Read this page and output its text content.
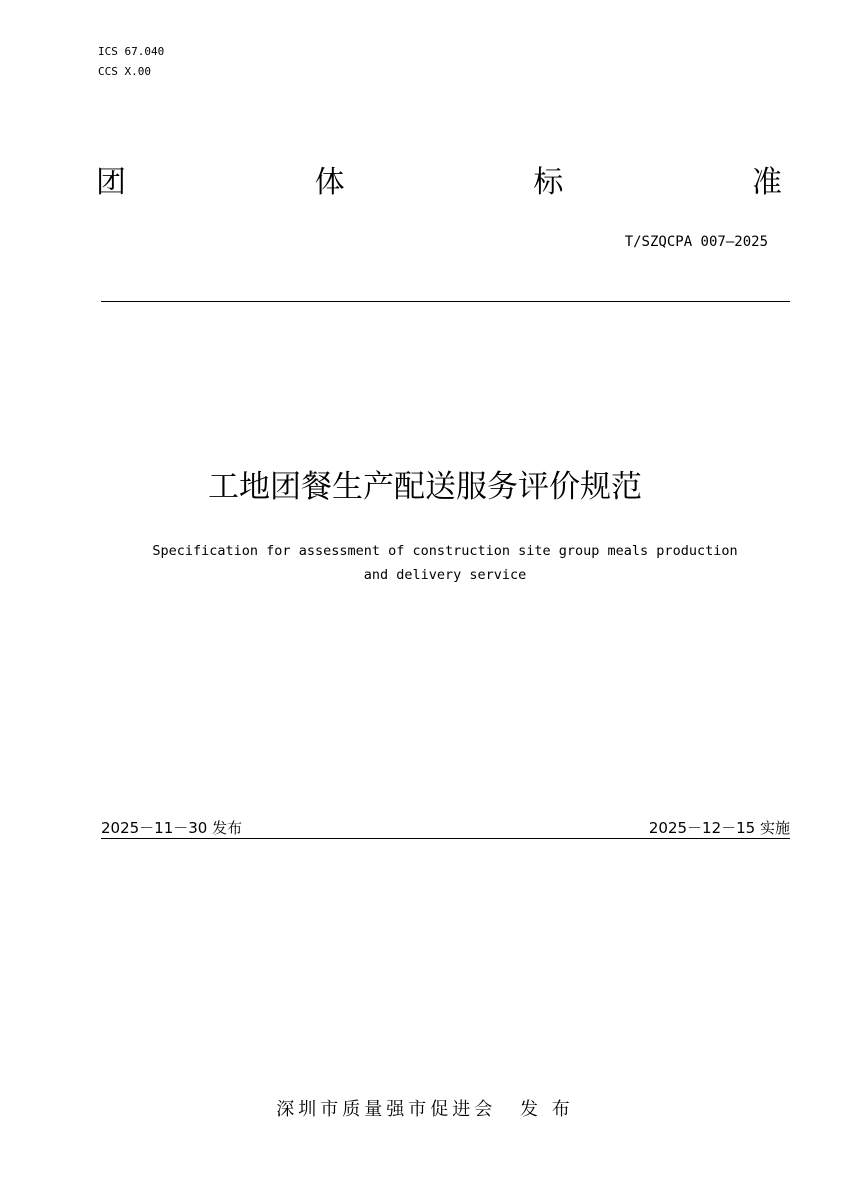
ICS 67.040
CCS X.00
团	体	标	准
T/SZQCPA 007—2025
工地团餐生产配送服务评价规范
Specification for assessment of construction site group meals production
and delivery service
2025－11－30 发布	2025－12－15 实施
深圳市质量强市促进会 发 布
